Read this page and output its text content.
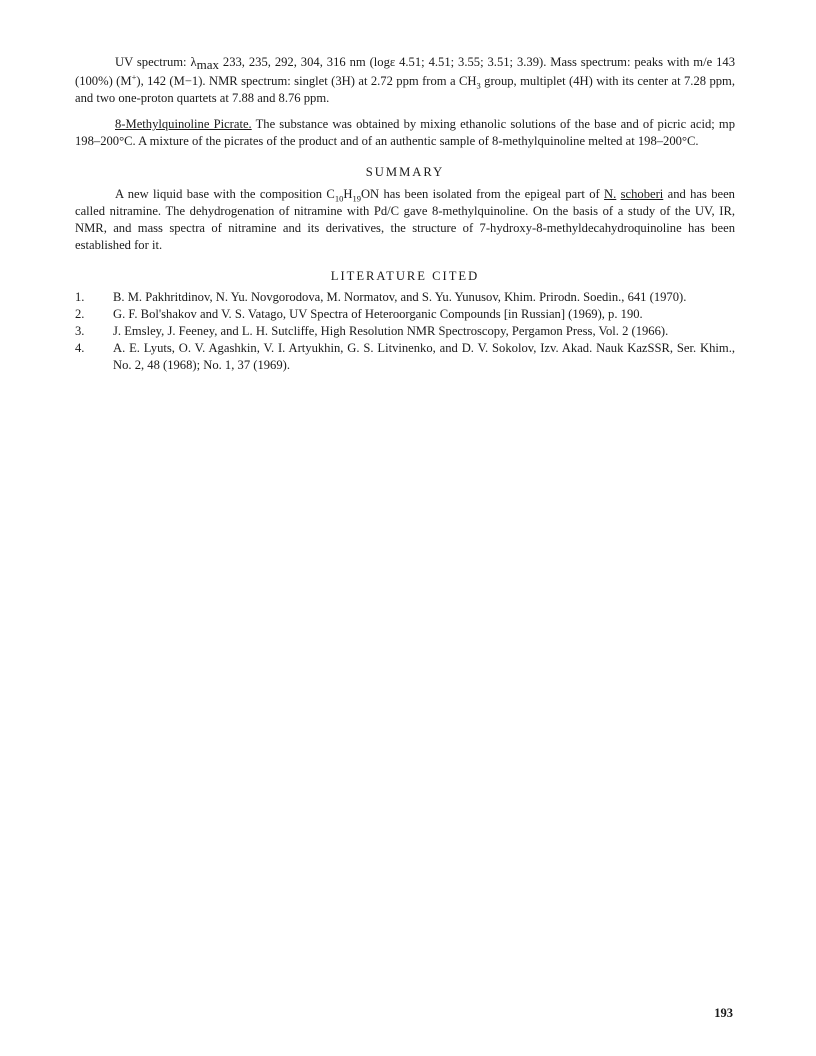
UV spectrum: λmax 233, 235, 292, 304, 316 nm (logε 4.51; 4.51; 3.55; 3.51; 3.39). Mass spectrum: peaks with m/e 143 (100%) (M+), 142 (M−1). NMR spectrum: singlet (3H) at 2.72 ppm from a $CH_3$ group, multiplet (4H) with its center at 7.28 ppm, and two one-proton quartets at 7.88 and 8.76 ppm.

8-Methylquinoline Picrate. The substance was obtained by mixing ethanolic solutions of the base and of picric acid; mp 198–200°C. A mixture of the picrates of the product and of an authentic sample of 8-methylquinoline melted at 198–200°C.

SUMMARY

A new liquid base with the composition $C_{10}H_{19}ON$ has been isolated from the epigeal part of N. schoberi and has been called nitramine. The dehydrogenation of nitramine with Pd/C gave 8-methylquinoline. On the basis of a study of the UV, IR, NMR, and mass spectra of nitramine and its derivatives, the structure of 7-hydroxy-8-methyldecahydroquinoline has been established for it.

LITERATURE CITED
1. B. M. Pakhritdinov, N. Yu. Novgorodova, M. Normatov, and S. Yu. Yunusov, Khim. Prirodn. Soedin., 641 (1970).
2. G. F. Bol'shakov and V. S. Vatago, UV Spectra of Heteroorganic Compounds [in Russian] (1969), p. 190.
3. J. Emsley, J. Feeney, and L. H. Sutcliffe, High Resolution NMR Spectroscopy, Pergamon Press, Vol. 2 (1966).
4. A. E. Lyuts, O. V. Agashkin, V. I. Artyukhin, G. S. Litvinenko, and D. V. Sokolov, Izv. Akad. Nauk KazSSR, Ser. Khim., No. 2, 48 (1968); No. 1, 37 (1969).
193
